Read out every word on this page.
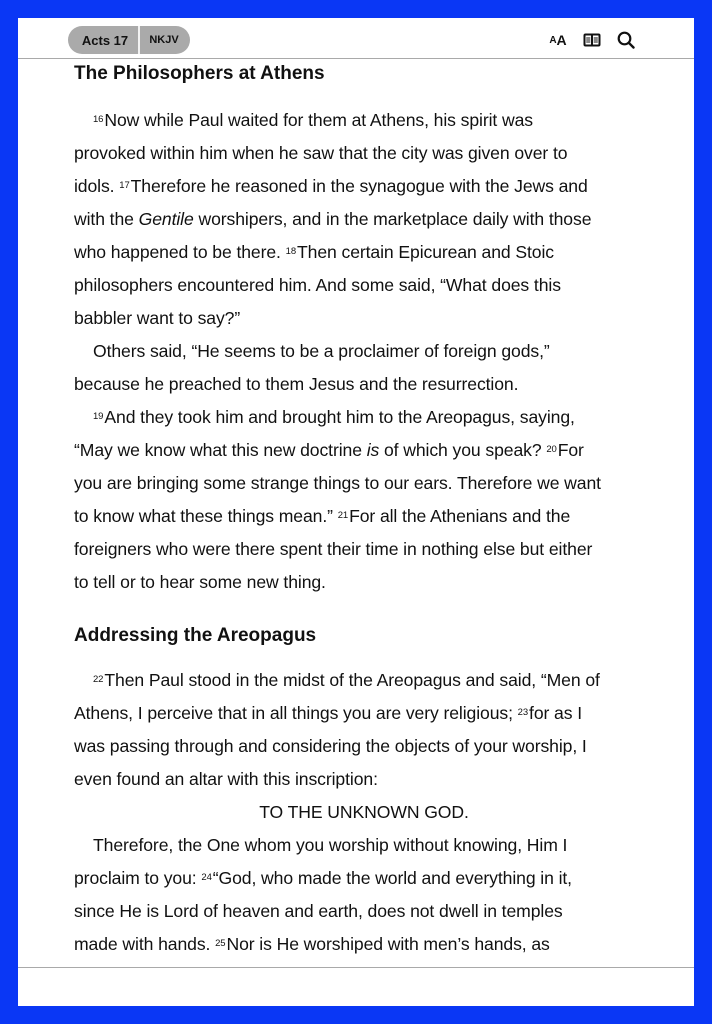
Acts 17	NKJV	A A
The Philosophers at Athens
$^{16}$Now while Paul waited for them at Athens, his spirit was
provoked within him when he saw that the city was given over to
idols. $^{17}$Therefore he reasoned in the synagogue with the Jews and
with the Gentile worshipers, and in the marketplace daily with those
who happened to be there. $^{18}$Then certain Epicurean and Stoic
philosophers encountered him. And some said, “What does this
babbler want to say?”
Others said, “He seems to be a proclaimer of foreign gods,”
because he preached to them Jesus and the resurrection.
$^{19}$And they took him and brought him to the Areopagus, saying,
“May we know what this new doctrine is of which you speak? $^{20}$For
you are bringing some strange things to our ears. Therefore we want
to know what these things mean.” $^{21}$For all the Athenians and the
foreigners who were there spent their time in nothing else but either
to tell or to hear some new thing.
Addressing the Areopagus
$^{22}$Then Paul stood in the midst of the Areopagus and said, “Men of
Athens, I perceive that in all things you are very religious; $^{23}$for as I
was passing through and considering the objects of your worship, I
even found an altar with this inscription:
TO THE UNKNOWN GOD.
Therefore, the One whom you worship without knowing, Him I
proclaim to you: $^{24}$“God, who made the world and everything in it,
since He is Lord of heaven and earth, does not dwell in temples
made with hands. $^{25}$Nor is He worshiped with men’s hands, as
